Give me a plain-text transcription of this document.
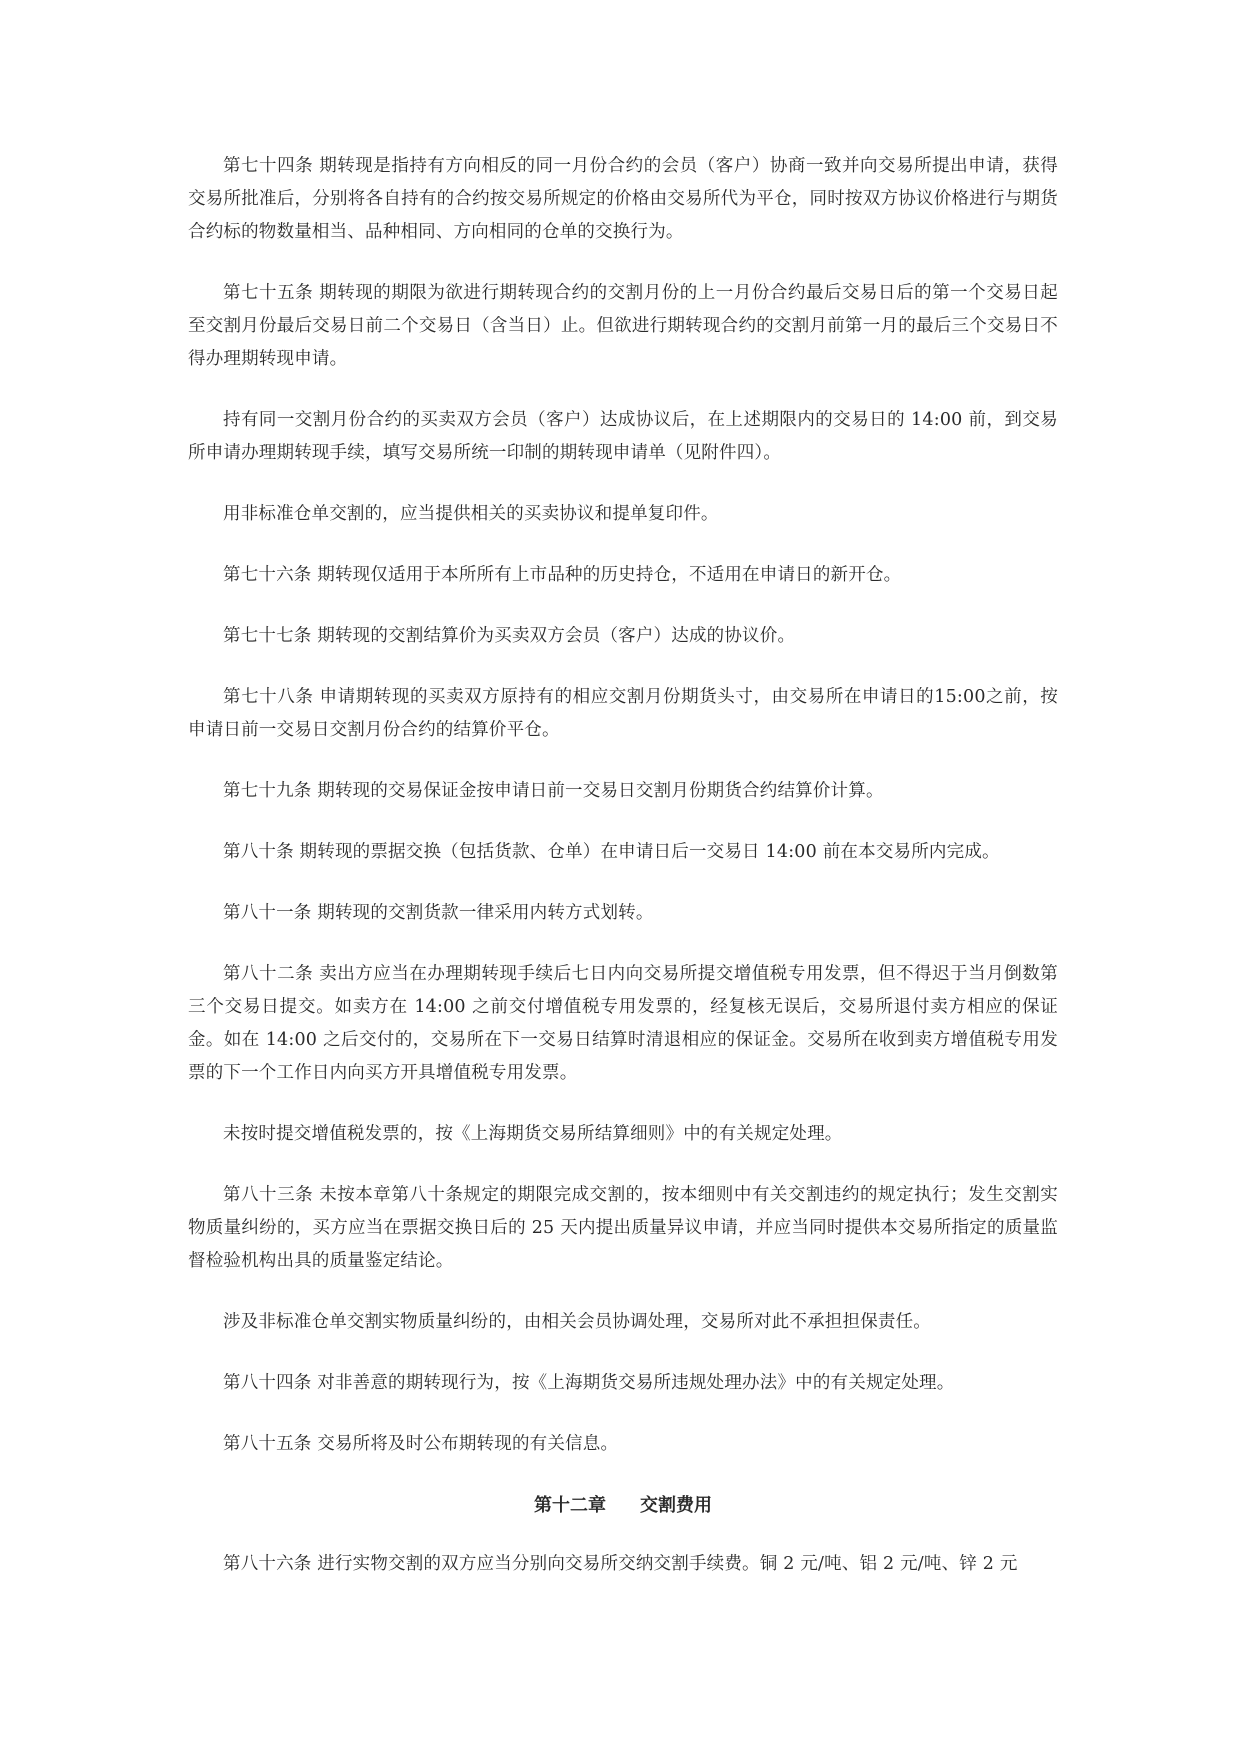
第七十四条 期转现是指持有方向相反的同一月份合约的会员（客户）协商一致并向交易所提出申请，获得交易所批准后，分别将各自持有的合约按交易所规定的价格由交易所代为平仓，同时按双方协议价格进行与期货合约标的物数量相当、品种相同、方向相同的仓单的交换行为。

第七十五条 期转现的期限为欲进行期转现合约的交割月份的上一月份合约最后交易日后的第一个交易日起至交割月份最后交易日前二个交易日（含当日）止。但欲进行期转现合约的交割月前第一月的最后三个交易日不得办理期转现申请。

持有同一交割月份合约的买卖双方会员（客户）达成协议后，在上述期限内的交易日的 14:00 前，到交易所申请办理期转现手续，填写交易所统一印制的期转现申请单（见附件四）。

用非标准仓单交割的，应当提供相关的买卖协议和提单复印件。

第七十六条 期转现仅适用于本所所有上市品种的历史持仓，不适用在申请日的新开仓。

第七十七条 期转现的交割结算价为买卖双方会员（客户）达成的协议价。

第七十八条 申请期转现的买卖双方原持有的相应交割月份期货头寸，由交易所在申请日的15:00之前，按申请日前一交易日交割月份合约的结算价平仓。

第七十九条 期转现的交易保证金按申请日前一交易日交割月份期货合约结算价计算。

第八十条 期转现的票据交换（包括货款、仓单）在申请日后一交易日 14:00 前在本交易所内完成。

第八十一条 期转现的交割货款一律采用内转方式划转。

第八十二条 卖出方应当在办理期转现手续后七日内向交易所提交增值税专用发票，但不得迟于当月倒数第三个交易日提交。如卖方在 14:00 之前交付增值税专用发票的，经复核无误后，交易所退付卖方相应的保证金。如在 14:00 之后交付的，交易所在下一交易日结算时清退相应的保证金。交易所在收到卖方增值税专用发票的下一个工作日内向买方开具增值税专用发票。

未按时提交增值税发票的，按《上海期货交易所结算细则》中的有关规定处理。

第八十三条 未按本章第八十条规定的期限完成交割的，按本细则中有关交割违约的规定执行；发生交割实物质量纠纷的，买方应当在票据交换日后的 25 天内提出质量异议申请，并应当同时提供本交易所指定的质量监督检验机构出具的质量鉴定结论。

涉及非标准仓单交割实物质量纠纷的，由相关会员协调处理，交易所对此不承担担保责任。

第八十四条 对非善意的期转现行为，按《上海期货交易所违规处理办法》中的有关规定处理。

第八十五条 交易所将及时公布期转现的有关信息。

第十二章 交割费用

第八十六条 进行实物交割的双方应当分别向交易所交纳交割手续费。铜 2 元/吨、铝 2 元/吨、锌 2 元
